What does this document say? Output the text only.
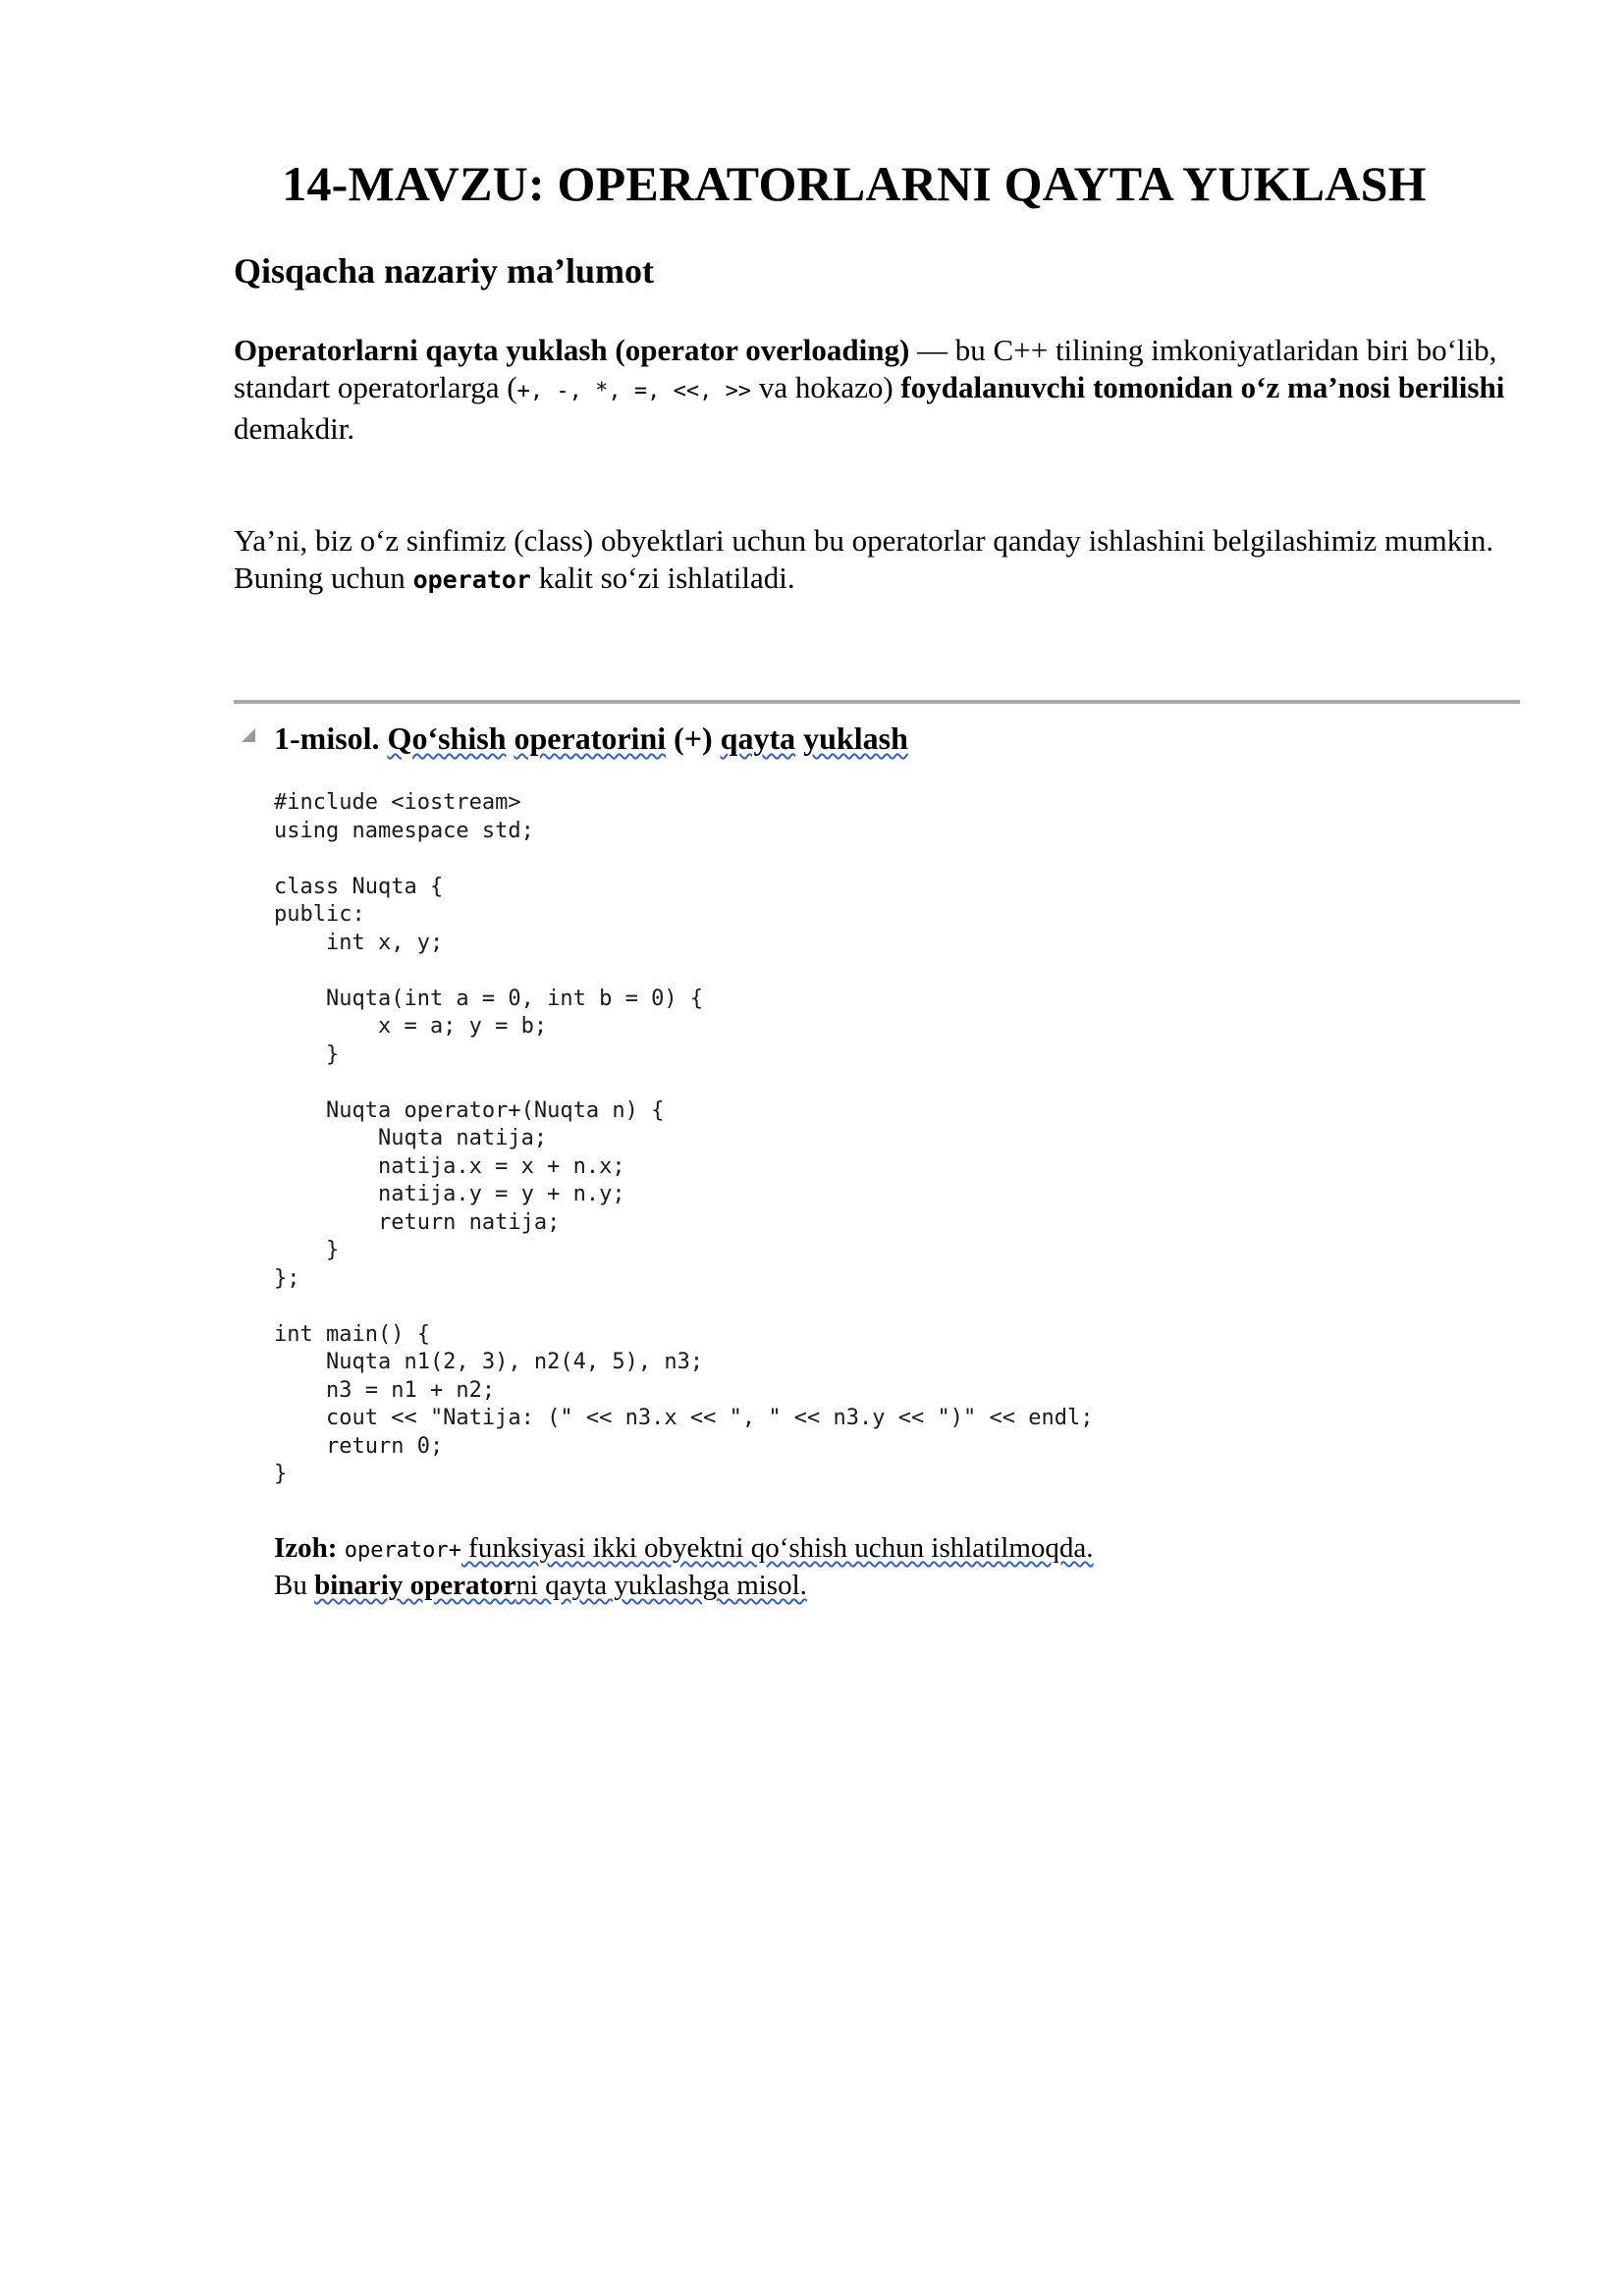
14-MAVZU: OPERATORLARNI QAYTA YUKLASH
Qisqacha nazariy ma’lumot
Operatorlarni qayta yuklash (operator overloading) — bu C++ tilining imkoniyatlaridan biri bo‘lib,
standart operatorlarga (+, -, *, =, <<, >> va hokazo) foydalanuvchi tomonidan o‘z ma’nosi berilishi demakdir.
Ya’ni, biz o‘z sinfimiz (class) obyektlari uchun bu operatorlar qanday ishlashini belgilashimiz mumkin.
Buning uchun operator kalit so‘zi ishlatiladi.
1-misol. Qo‘shish operatorini (+) qayta yuklash
#include <iostream>
using namespace std;
class Nuqta {
public:
int x, y;
Nuqta(int a = 0, int b = 0) {
x = a; y = b;
}
Nuqta operator+(Nuqta n) {
Nuqta natija;
natija.x = x + n.x;
natija.y = y + n.y;
return natija;
}
};
int main() {
Nuqta n1(2, 3), n2(4, 5), n3;
n3 = n1 + n2;
cout << "Natija: (" << n3.x << ", " << n3.y << ")" << endl;
return 0;
}
Izoh: operator+ funksiyasi ikki obyektni qo‘shish uchun ishlatilmoqda.
Bu binariy operatorni qayta yuklashga misol.
